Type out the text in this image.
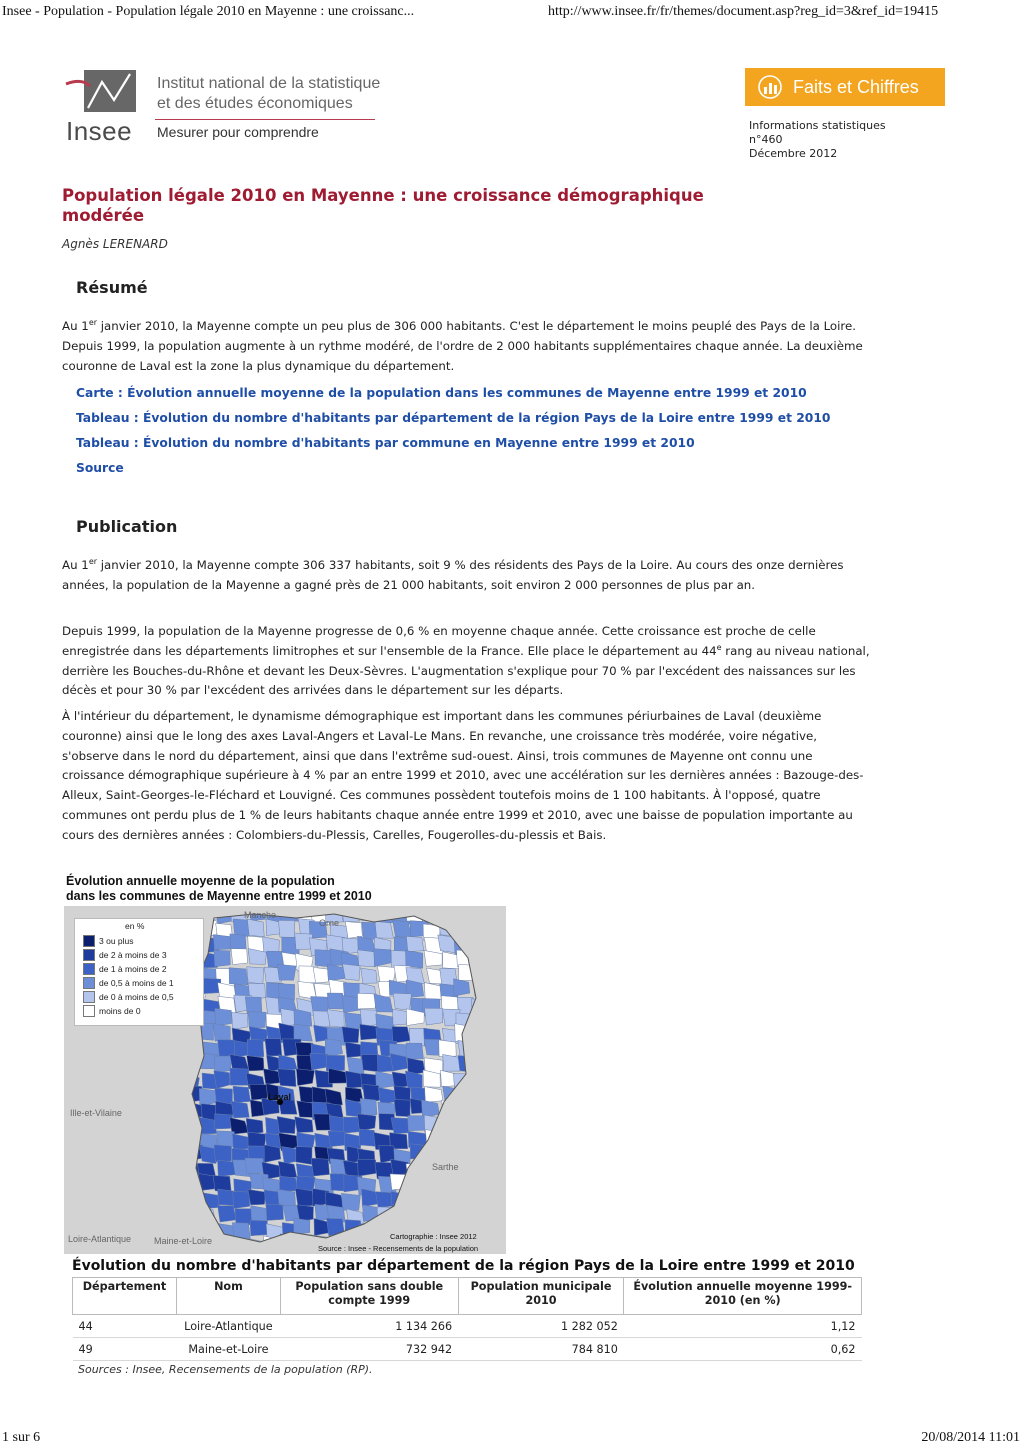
Insee - Population - Population légale 2010 en Mayenne : une croissanc...	http://www.insee.fr/fr/themes/document.asp?reg_id=3&ref_id=19415
Insee
Institut national de la statistique
et des études économiques
Mesurer pour comprendre
Faits et Chiffres
Informations statistiques
n°460
Décembre 2012
Population légale 2010 en Mayenne : une croissance démographique modérée
Agnès LERENARD
Résumé

Au 1er janvier 2010, la Mayenne compte un peu plus de 306 000 habitants. C'est le département le moins peuplé des Pays de la Loire. Depuis 1999, la population augmente à un rythme modéré, de l'ordre de 2 000 habitants supplémentaires chaque année. La deuxième couronne de Laval est la zone la plus dynamique du département.

Carte : Évolution annuelle moyenne de la population dans les communes de Mayenne entre 1999 et 2010
Tableau : Évolution du nombre d'habitants par département de la région Pays de la Loire entre 1999 et 2010
Tableau : Évolution du nombre d'habitants par commune en Mayenne entre 1999 et 2010
Source
Publication

Au 1er janvier 2010, la Mayenne compte 306 337 habitants, soit 9 % des résidents des Pays de la Loire. Au cours des onze dernières années, la population de la Mayenne a gagné près de 21 000 habitants, soit environ 2 000 personnes de plus par an.

Depuis 1999, la population de la Mayenne progresse de 0,6 % en moyenne chaque année. Cette croissance est proche de celle enregistrée dans les départements limitrophes et sur l'ensemble de la France. Elle place le département au 44e rang au niveau national, derrière les Bouches-du-Rhône et devant les Deux-Sèvres. L'augmentation s'explique pour 70 % par l'excédent des naissances sur les décès et pour 30 % par l'excédent des arrivées dans le département sur les départs.

À l'intérieur du département, le dynamisme démographique est important dans les communes périurbaines de Laval (deuxième couronne) ainsi que le long des axes Laval-Angers et Laval-Le Mans. En revanche, une croissance très modérée, voire négative, s'observe dans le nord du département, ainsi que dans l'extrême sud-ouest. Ainsi, trois communes de Mayenne ont connu une croissance démographique supérieure à 4 % par an entre 1999 et 2010, avec une accélération sur les dernières années : Bazouge-des-Alleux, Saint-Georges-le-Fléchard et Louvigné. Ces communes possèdent toutefois moins de 1 100 habitants. À l'opposé, quatre communes ont perdu plus de 1 % de leurs habitants chaque année entre 1999 et 2010, avec une baisse de population importante au cours des dernières années : Colombiers-du-Plessis, Carelles, Fougerolles-du-plessis et Bais.

Évolution annuelle moyenne de la population
dans les communes de Mayenne entre 1999 et 2010
en %
3 ou plus
de 2 à moins de 3
de 1 à moins de 2
de 0,5 à moins de 1
de 0 à moins de 0,5
moins de 0
Manche
Orne
Ille-et-Vilaine
Sarthe
Loire-Atlantique	Maine-et-Loire
Laval
Cartographie : Insee 2012
Source : Insee - Recensements de la population
Évolution du nombre d'habitants par département de la région Pays de la Loire entre 1999 et 2010
Département	Nom	Population sans double compte 1999	Population municipale 2010	Évolution annuelle moyenne 1999-2010 (en %)
44	Loire-Atlantique	1 134 266	1 282 052	1,12
49	Maine-et-Loire	732 942	784 810	0,62
Sources : Insee, Recensements de la population (RP).
1 sur 6	20/08/2014 11:01
